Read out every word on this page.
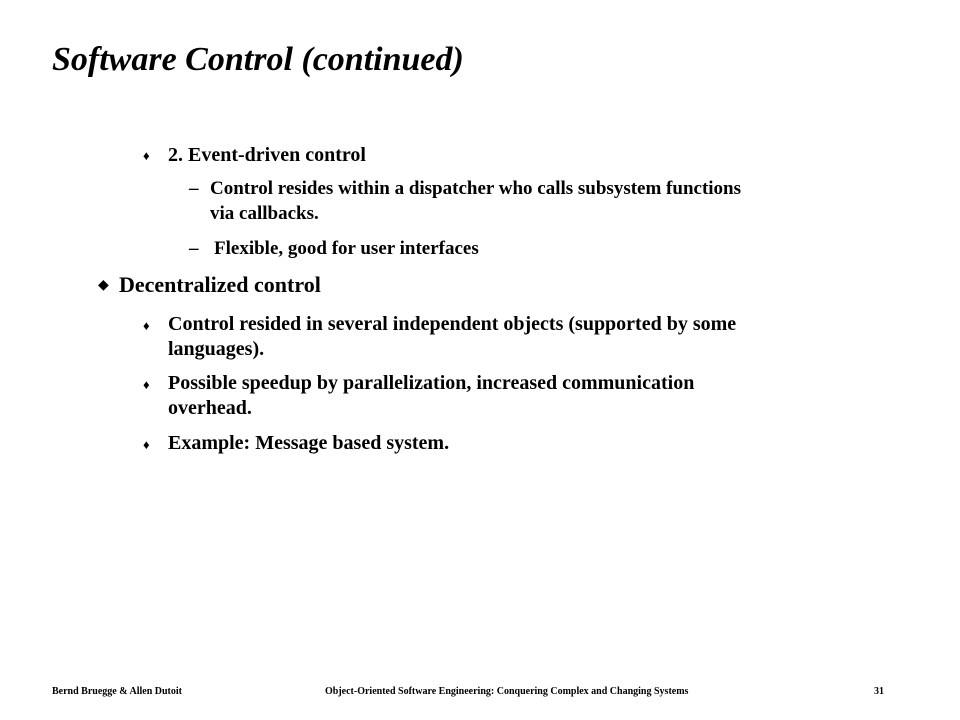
Software Control (continued)
♦ 2. Event-driven control
– Control resides within a dispatcher who calls subsystem functions
via callbacks.
– Flexible, good for user interfaces
◆ Decentralized control
♦ Control resided in several independent objects (supported by some
languages).
♦ Possible speedup by parallelization, increased communication
overhead.
♦ Example: Message based system.
Bernd Bruegge & Allen Dutoit	Object-Oriented Software Engineering: Conquering Complex and Changing Systems	31
